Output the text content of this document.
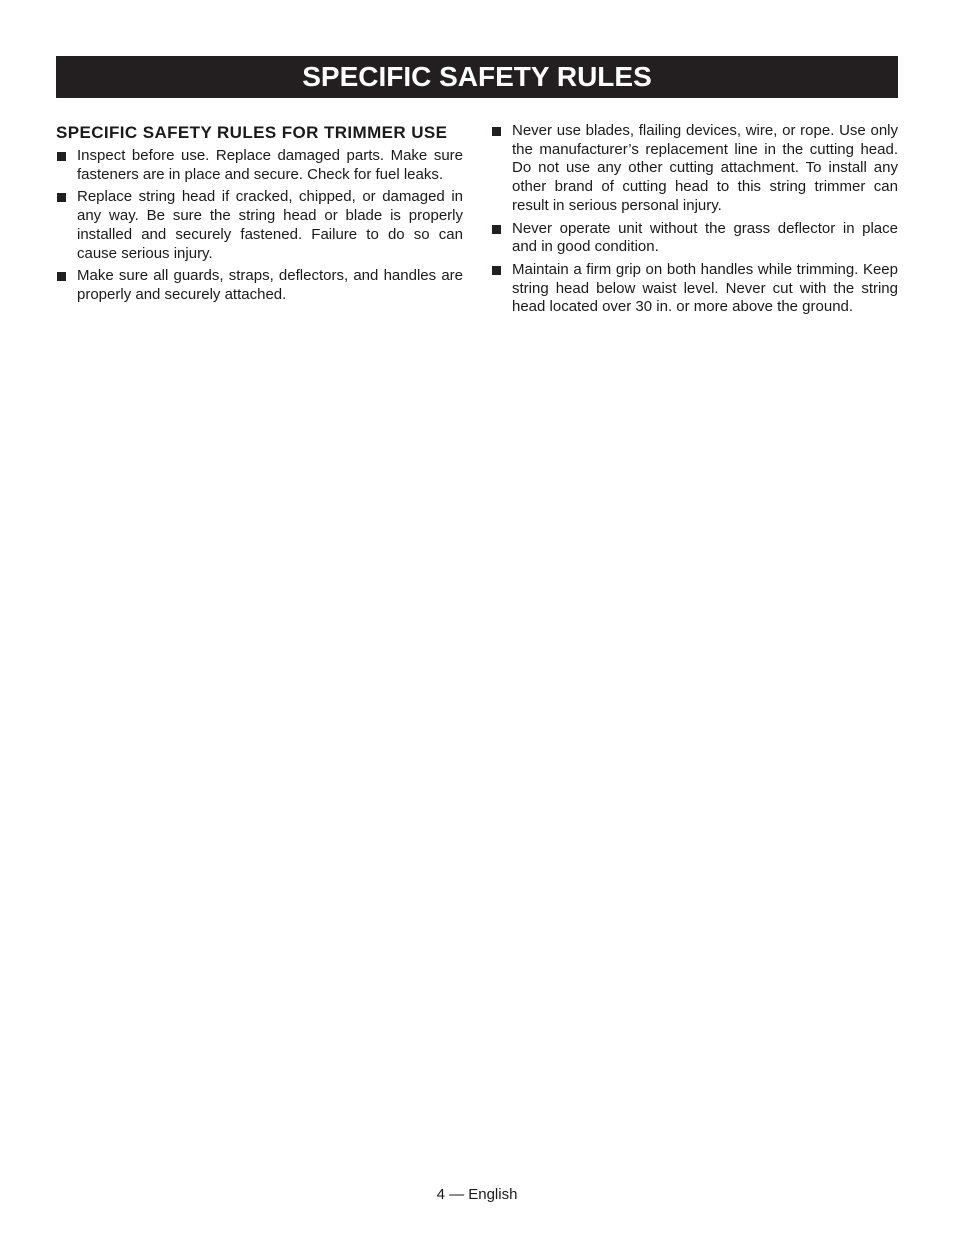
SPECIFIC SAFETY RULES
SPECIFIC SAFETY RULES FOR TRIMMER USE
Inspect before use. Replace damaged parts. Make sure fasteners are in place and secure. Check for fuel leaks.
Replace string head if cracked, chipped, or damaged in any way. Be sure the string head or blade is properly installed and securely fastened. Failure to do so can cause serious injury.
Make sure all guards, straps, deflectors, and handles are properly and securely attached.
Never use blades, flailing devices, wire, or rope. Use only the manufacturer’s replacement line in the cutting head. Do not use any other cutting attachment. To install any other brand of cutting head to this string trimmer can result in serious personal injury.
Never operate unit without the grass deflector in place and in good condition.
Maintain a firm grip on both handles while trimming. Keep string head below waist level. Never cut with the string head located over 30 in. or more above the ground.
4 — English
